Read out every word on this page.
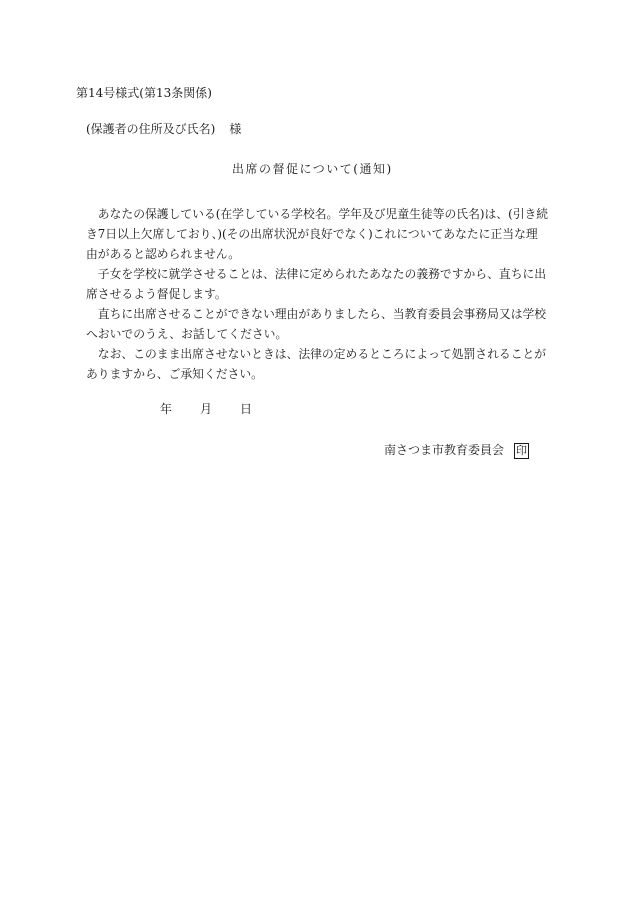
第14号様式(第13条関係)
(保護者の住所及び氏名) 様
出席の督促について(通知)
　あなたの保護している(在学している学校名。学年及び児童生徒等の氏名)は、(引き続
き7日以上欠席しており、)(その出席状況が良好でなく)これについてあなたに正当な理
由があると認められません。
　子女を学校に就学させることは、法律に定められたあなたの義務ですから、直ちに出
席させるよう督促します。
　直ちに出席させることができない理由がありましたら、当教育委員会事務局又は学校
へおいでのうえ、お話してください。
　なお、このまま出席させないときは、法律の定めるところによって処罰されることが
ありますから、ご承知ください。
年 月 日
南さつま市教育委員会 印
